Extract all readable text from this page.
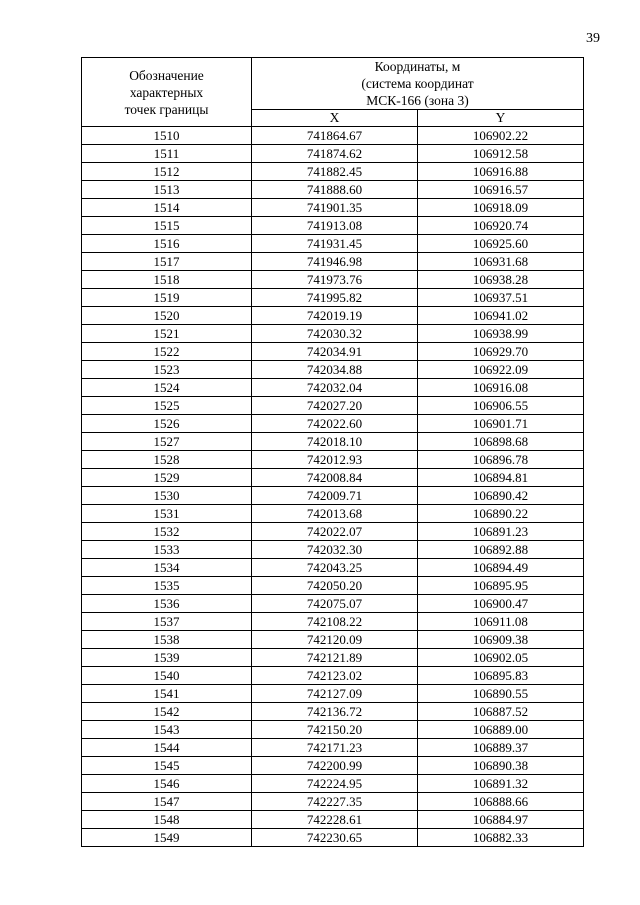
39
Обозначение
характерных
точек границы	Координаты, м
(система координат
МСК-166 (зона 3)	

	X	Y
1510	741864.67	106902.22
1511	741874.62	106912.58
1512	741882.45	106916.88
1513	741888.60	106916.57
1514	741901.35	106918.09
1515	741913.08	106920.74
1516	741931.45	106925.60
1517	741946.98	106931.68
1518	741973.76	106938.28
1519	741995.82	106937.51
1520	742019.19	106941.02
1521	742030.32	106938.99
1522	742034.91	106929.70
1523	742034.88	106922.09
1524	742032.04	106916.08
1525	742027.20	106906.55
1526	742022.60	106901.71
1527	742018.10	106898.68
1528	742012.93	106896.78
1529	742008.84	106894.81
1530	742009.71	106890.42
1531	742013.68	106890.22
1532	742022.07	106891.23
1533	742032.30	106892.88
1534	742043.25	106894.49
1535	742050.20	106895.95
1536	742075.07	106900.47
1537	742108.22	106911.08
1538	742120.09	106909.38
1539	742121.89	106902.05
1540	742123.02	106895.83
1541	742127.09	106890.55
1542	742136.72	106887.52
1543	742150.20	106889.00
1544	742171.23	106889.37
1545	742200.99	106890.38
1546	742224.95	106891.32
1547	742227.35	106888.66
1548	742228.61	106884.97
1549	742230.65	106882.33
